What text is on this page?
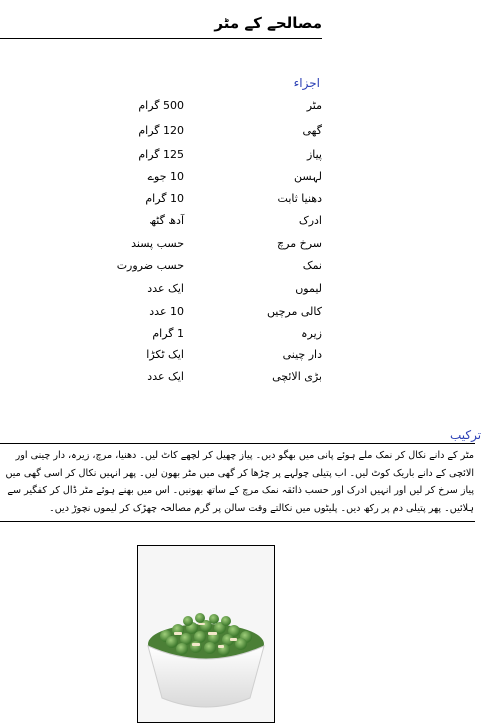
مصالحے کے مٹر
اجزاء
مٹر
500 گرام
گھی
120 گرام
پیاز
125 گرام
لہسن
10 جوے
دھنیا ثابت
10 گرام
ادرک
آدھ گٹھ
سرخ مرچ
حسب پسند
نمک
حسب ضرورت
لیموں
ایک عدد
کالی مرچیں
10 عدد
زیرہ
1 گرام
دار چینی
ایک ٹکڑا
بڑی الائچی
ایک عدد
ترکیب
مٹر کے دانے نکال کر نمک ملے ہوئے پانی میں بھگو دیں۔ پیاز چھیل کر لچھے کاٹ لیں۔ دھنیا، مرچ، زیرہ، دار چینی اور الائچی کے دانے باریک کوٹ لیں۔ اب پتیلی چولہے پر چڑھا کر گھی میں مٹر بھون لیں۔ پھر انہیں نکال کر اسی گھی میں پیاز سرخ کر لیں اور انہیں ادرک اور حسب ذائقہ نمک مرچ کے ساتھ بھونیں۔ اس میں بھنے ہوئے مٹر ڈال کر کفگیر سے ہلائیں۔ پھر پتیلی دم پر رکھ دیں۔ پلیٹوں میں نکالتے وقت سالن پر گرم مصالحہ چھڑک کر لیموں نچوڑ دیں۔
